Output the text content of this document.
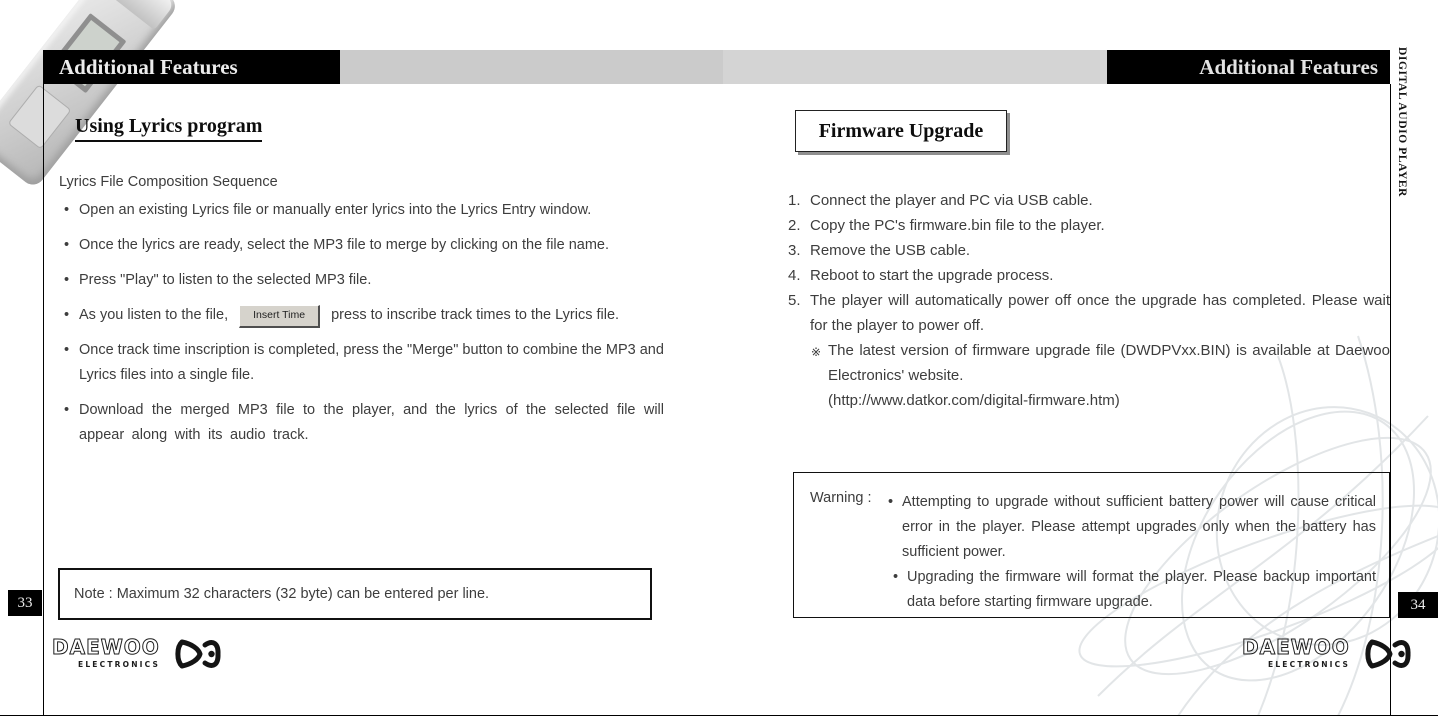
Additional Features	Additional Features DIGITAL AUDIO PLAYER
Using Lyrics program
Lyrics File Composition Sequence
• Open an existing Lyrics file or manually enter lyrics into the Lyrics Entry window.
• Once the lyrics are ready, select the MP3 file to merge by clicking on the file name.
• Press "Play" to listen to the selected MP3 file.
• As you listen to the file, Insert Time press to inscribe track times to the Lyrics file.
• Once track time inscription is completed, press the "Merge" button to combine the MP3 and Lyrics files into a single file.
• Download the merged MP3 file to the player, and the lyrics of the selected file will appear along with its audio track.
Note : Maximum 32 characters (32 byte) can be entered per line.
33
Firmware Upgrade
1. Connect the player and PC via USB cable.
2. Copy the PC's firmware.bin file to the player.
3. Remove the USB cable.
4. Reboot to start the upgrade process.
5. The player will automatically power off once the upgrade has completed. Please wait for the player to power off.
※ The latest version of firmware upgrade file (DWDPVxx.BIN) is available at Daewoo Electronics' website.
(http://www.datkor.com/digital-firmware.htm)
Warning :	• Attempting to upgrade without sufficient battery power will cause critical error in the player. Please attempt upgrades only when the battery has sufficient power.
• Upgrading the firmware will format the player. Please backup important data before starting firmware upgrade.	34
DAEWOO
ELECTRONICS
DAEWOO
ELECTRONICS
